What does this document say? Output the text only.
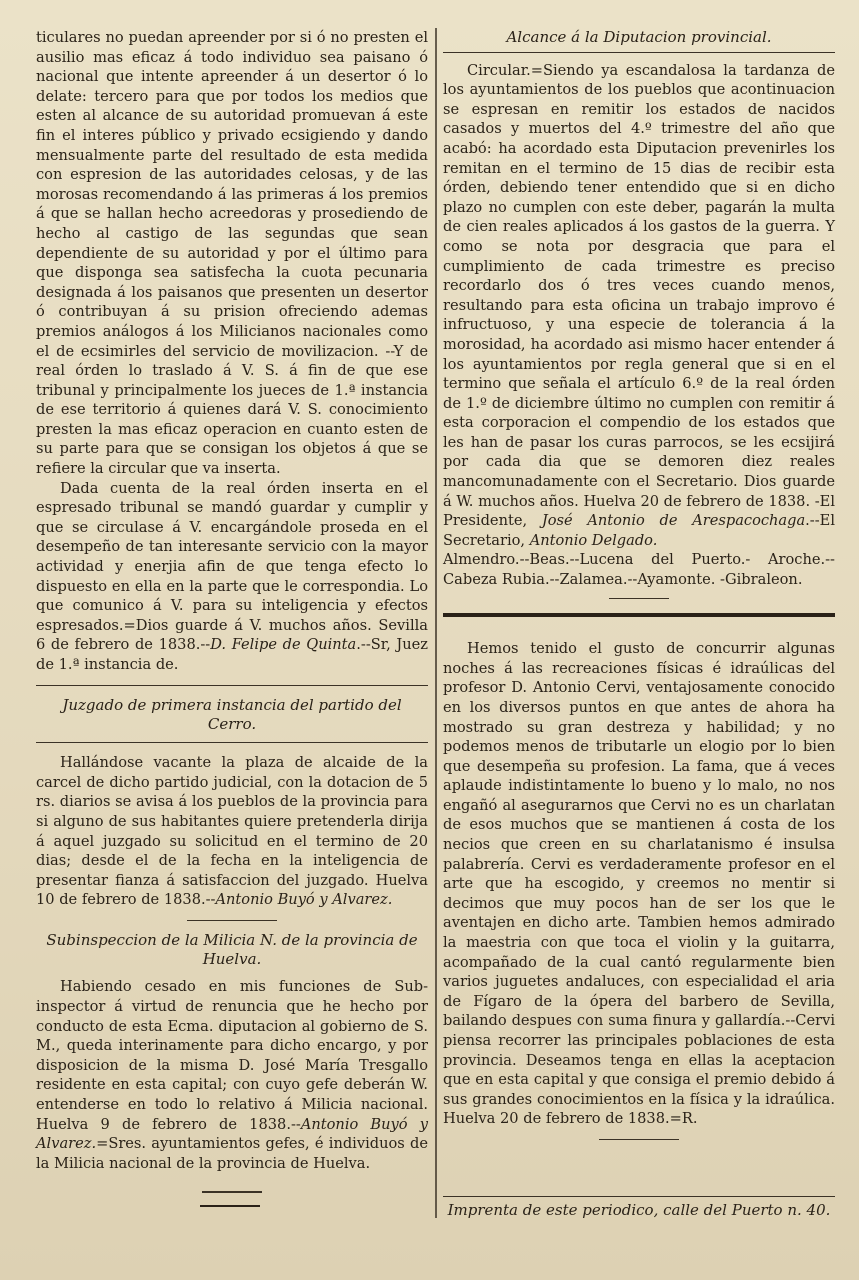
ticulares no puedan apreender por si ó no presten el ausilio mas eficaz á todo individuo sea paisano ó nacional que intente apreender á un desertor ó lo delate: tercero para que por todos los medios que esten al alcance de su autoridad promuevan á este fin el interes público y privado ecsigiendo y dando mensualmente parte del resultado de esta medida con espresion de las autoridades celosas, y de las morosas recomendando á las primeras á los premios á que se hallan hecho acreedoras y prosediendo de hecho al castigo de las segundas que sean dependiente de su autoridad y por el último para que disponga sea satisfecha la cuota pecunaria designada á los paisanos que presenten un desertor ó contribuyan á su prision ofreciendo ademas premios análogos á los Milicianos nacionales como el de ecsimirles del servicio de movilizacion. --Y de real órden lo traslado á V. S. á fin de que ese tribunal y principalmente los jueces de 1.ª instancia de ese territorio á quienes dará V. S. conocimiento presten la mas eficaz operacion en cuanto esten de su parte para que se consigan los objetos á que se refiere la circular que va inserta.

Dada cuenta de la real órden inserta en el espresado tribunal se mandó guardar y cumplir y que se circulase á V. encargándole proseda en el desempeño de tan interesante servicio con la mayor actividad y enerjia afin de que tenga efecto lo dispuesto en ella en la parte que le correspondia. Lo que comunico á V. para su inteligencia y efectos espresados.=Dios guarde á V. muchos años. Sevilla 6 de febrero de 1838.--D. Felipe de Quinta.--Sr, Juez de 1.ª instancia de.

Juzgado de primera instancia del partido del Cerro.

Hallándose vacante la plaza de alcaide de la carcel de dicho partido judicial, con la dotacion de 5 rs. diarios se avisa á los pueblos de la provincia para si alguno de sus habitantes quiere pretenderla dirija á aquel juzgado su solicitud en el termino de 20 dias; desde el de la fecha en la inteligencia de presentar fianza á satisfaccion del juzgado. Huelva 10 de febrero de 1838.--Antonio Buyó y Alvarez.

Subinspeccion de la Milicia N. de la provincia de Huelva.

Habiendo cesado en mis funciones de Sub-inspector á virtud de renuncia que he hecho por conducto de esta Ecma. diputacion al gobierno de S. M., queda interinamente para dicho encargo, y por disposicion de la misma D. José María Tresgallo residente en esta capital; con cuyo gefe deberán W. entenderse en todo lo relativo á Milicia nacional. Huelva 9 de febrero de 1838.--Antonio Buyó y Alvarez.=Sres. ayuntamientos gefes, é individuos de la Milicia nacional de la provincia de Huelva.

Alcance á la Diputacion provincial.

Circular.=Siendo ya escandalosa la tardanza de los ayuntamientos de los pueblos que acontinuacion se espresan en remitir los estados de nacidos casados y muertos del 4.º trimestre del año que acabó: ha acordado esta Diputacion prevenirles los remitan en el termino de 15 dias de recibir esta órden, debiendo tener entendido que si en dicho plazo no cumplen con este deber, pagarán la multa de cien reales aplicados á los gastos de la guerra. Y como se nota por desgracia que para el cumplimiento de cada trimestre es preciso recordarlo dos ó tres veces cuando menos, resultando para esta oficina un trabajo improvo é infructuoso, y una especie de tolerancia á la morosidad, ha acordado asi mismo hacer entender á los ayuntamientos por regla general que si en el termino que señala el artículo 6.º de la real órden de 1.º de diciembre último no cumplen con remitir á esta corporacion el compendio de los estados que les han de pasar los curas parrocos, se les ecsijirá por cada dia que se demoren diez reales mancomunadamente con el Secretario. Dios guarde á W. muchos años. Huelva 20 de febrero de 1838. -El Presidente, José Antonio de Arespacochaga.--El Secretario, Antonio Delgado.

Almendro.--Beas.--Lucena del Puerto.- Aroche.--Cabeza Rubia.--Zalamea.--Ayamonte. -Gibraleon.

Hemos tenido el gusto de concurrir algunas noches á las recreaciones físicas é idraúlicas del profesor D. Antonio Cervi, ventajosamente conocido en los diversos puntos en que antes de ahora ha mostrado su gran destreza y habilidad; y no podemos menos de tributarle un elogio por lo bien que desempeña su profesion. La fama, que á veces aplaude indistintamente lo bueno y lo malo, no nos engañó al asegurarnos que Cervi no es un charlatan de esos muchos que se mantienen á costa de los necios que creen en su charlatanismo é insulsa palabrería. Cervi es verdaderamente profesor en el arte que ha escogido, y creemos no mentir si decimos que muy pocos han de ser los que le aventajen en dicho arte. Tambien hemos admirado la maestria con que toca el violin y la guitarra, acompañado de la cual cantó regularmente bien varios juguetes andaluces, con especialidad el aria de Fígaro de la ópera del barbero de Sevilla, bailando despues con suma finura y gallardía.--Cervi piensa recorrer las principales poblaciones de esta provincia. Deseamos tenga en ellas la aceptacion que en esta capital y que consiga el premio debido á sus grandes conocimientos en la física y la idraúlica. Huelva 20 de febrero de 1838.=R.

Imprenta de este periodico, calle del Puerto n. 40.
